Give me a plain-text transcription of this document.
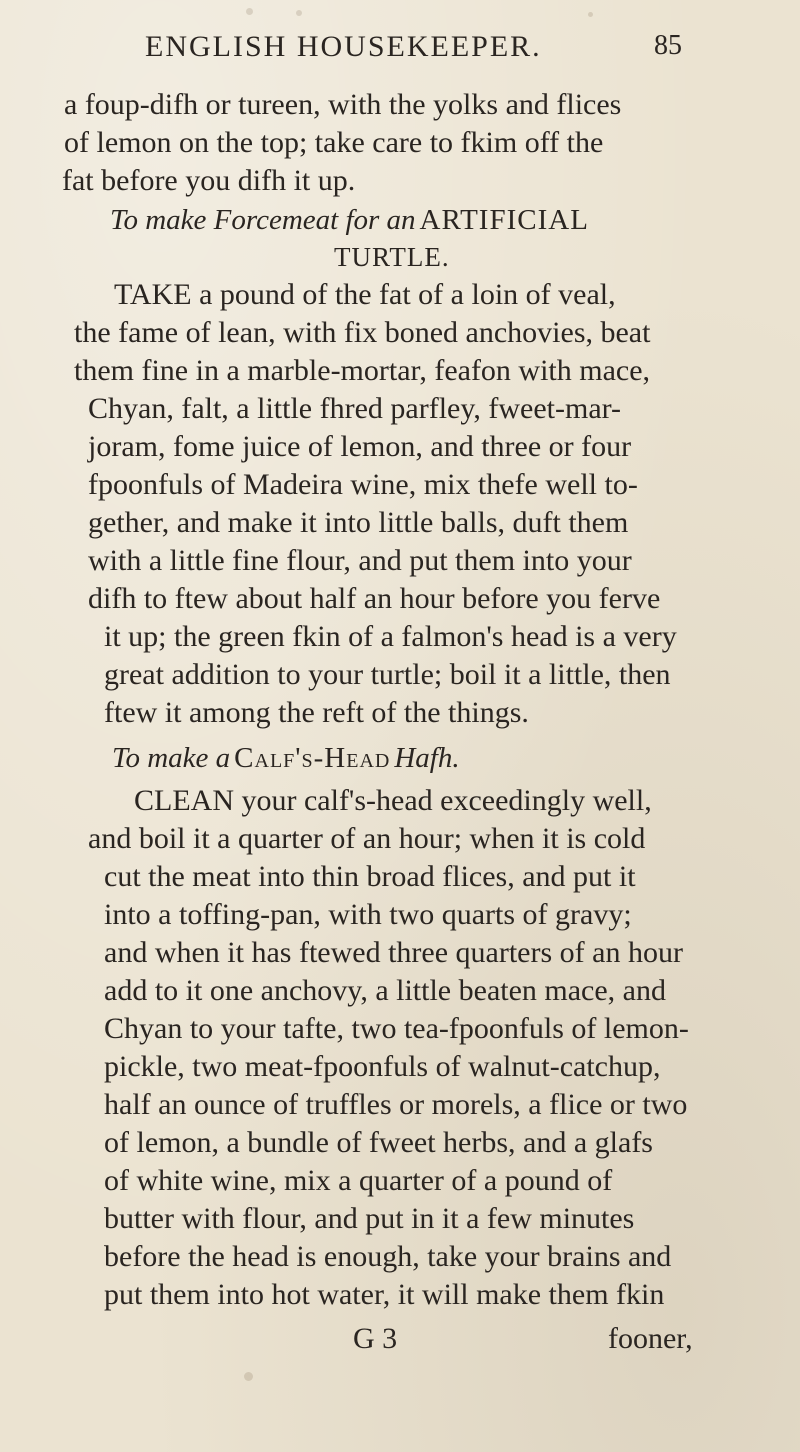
ENGLISH HOUSEKEEPER.	85
a foup-difh or tureen, with the yolks and flices
of lemon on the top; take care to fkim off the
fat before you difh it up.
To make Forcemeat for an ARTIFICIAL
TURTLE.
TAKE a pound of the fat of a loin of veal,
the fame of lean, with fix boned anchovies, beat
them fine in a marble-mortar, feafon with mace,
Chyan, falt, a little fhred parfley, fweet-mar-
joram, fome juice of lemon, and three or four
fpoonfuls of Madeira wine, mix thefe well to-
gether, and make it into little balls, duft them
with a little fine flour, and put them into your
difh to ftew about half an hour before you ferve
it up; the green fkin of a falmon's head is a very
great addition to your turtle; boil it a little, then
ftew it among the reft of the things.
To make a Calf's-Head Hafh.
CLEAN your calf's-head exceedingly well,
and boil it a quarter of an hour; when it is cold
cut the meat into thin broad flices, and put it
into a toffing-pan, with two quarts of gravy;
and when it has ftewed three quarters of an hour
add to it one anchovy, a little beaten mace, and
Chyan to your tafte, two tea-fpoonfuls of lemon-
pickle, two meat-fpoonfuls of walnut-catchup,
half an ounce of truffles or morels, a flice or two
of lemon, a bundle of fweet herbs, and a glafs
of white wine, mix a quarter of a pound of
butter with flour, and put in it a few minutes
before the head is enough, take your brains and
put them into hot water, it will make them fkin
G 3	fooner,
